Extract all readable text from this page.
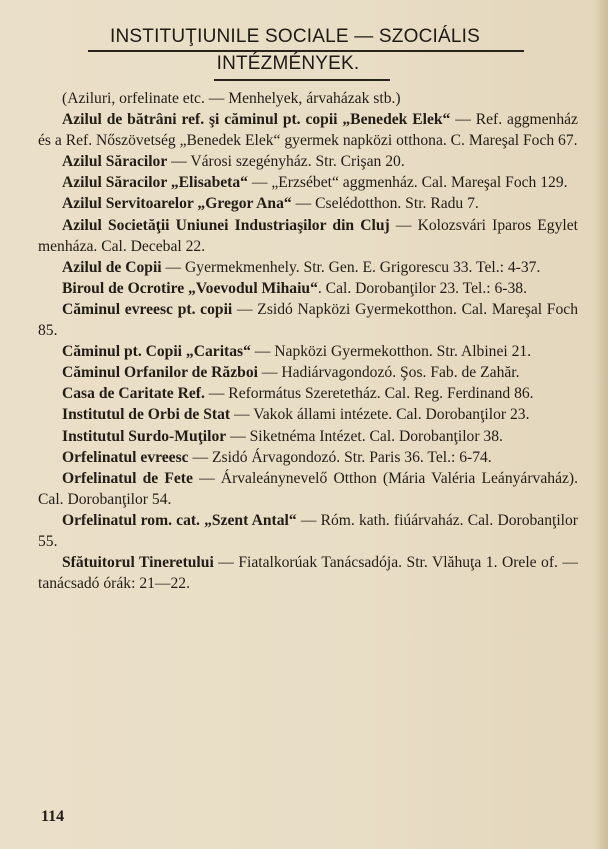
INSTITUŢIUNILE SOCIALE — SZOCIÁLIS
INTÉZMÉNYEK.

(Aziluri, orfelinate etc. — Menhelyek, árvaházak stb.)

Azilul de bătrâni ref. şi căminul pt. copii „Benedek Elek“ — Ref. aggmenház és a Ref. Nőszövetség „Benedek Elek“ gyermek napközi otthona. C. Mareşal Foch 67.

Azilul Săracilor — Városi szegényház. Str. Crişan 20.

Azilul Săracilor „Elisabeta“ — „Erzsébet“ aggmenház. Cal. Mareşal Foch 129.

Azilul Servitoarelor „Gregor Ana“ — Cselédotthon. Str. Radu 7.

Azilul Societăţii Uniunei Industriaşilor din Cluj — Kolozsvári Iparos Egylet menháza. Cal. Decebal 22.

Azilul de Copii — Gyermekmenhely. Str. Gen. E. Grigorescu 33. Tel.: 4-37.

Biroul de Ocrotire „Voevodul Mihaiu“. Cal. Dorobanţilor 23. Tel.: 6-38.

Căminul evreesc pt. copii — Zsidó Napközi Gyermekotthon. Cal. Mareşal Foch 85.

Căminul pt. Copii „Caritas“ — Napközi Gyermekotthon. Str. Albinei 21.

Căminul Orfanilor de Război — Hadiárvagondozó. Şos. Fab. de Zahăr.

Casa de Caritate Ref. — Református Szeretetház. Cal. Reg. Ferdinand 86.

Institutul de Orbi de Stat — Vakok állami intézete. Cal. Dorobanţilor 23.

Institutul Surdo-Muţilor — Siketnéma Intézet. Cal. Dorobanţilor 38.

Orfelinatul evreesc — Zsidó Árvagondozó. Str. Paris 36. Tel.: 6-74.

Orfelinatul de Fete — Árvaleánynevelő Otthon (Mária Valéria Leányárvaház). Cal. Dorobanţilor 54.

Orfelinatul rom. cat. „Szent Antal“ — Róm. kath. fiúárvaház. Cal. Dorobanţilor 55.

Sfătuitorul Tineretului — Fiatalkorúak Tanácsadója. Str. Vlăhuţa 1. Orele of. — tanácsadó órák: 21—22.

114
